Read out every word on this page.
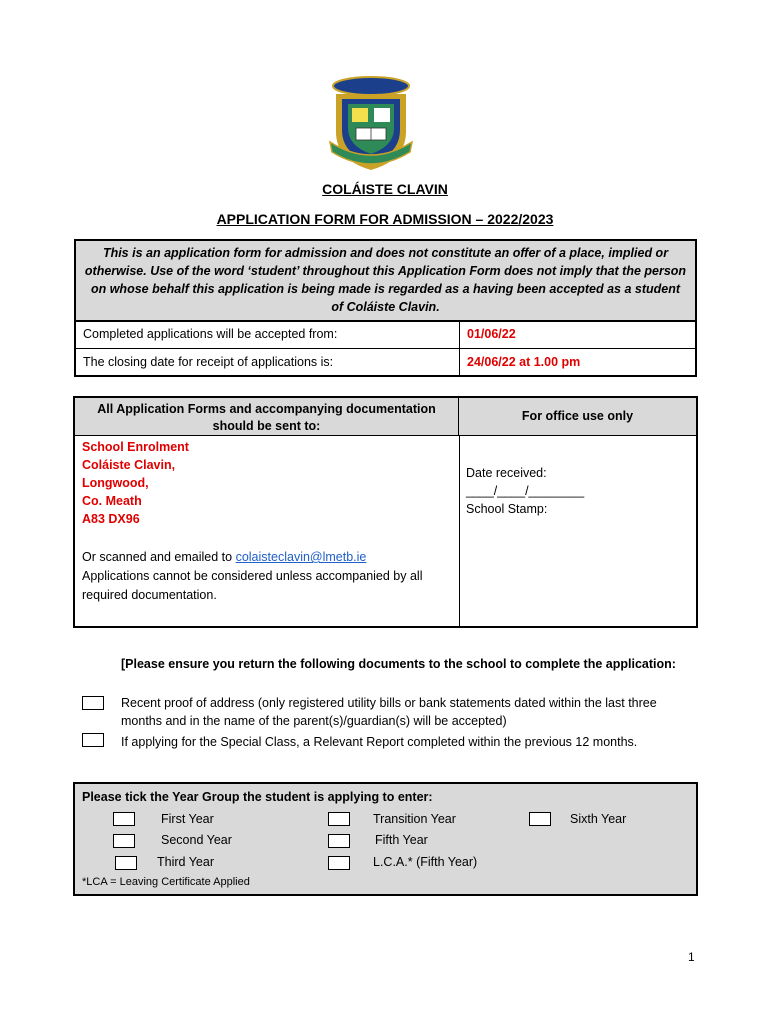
COLÁISTE CLAVIN
APPLICATION FORM FOR ADMISSION – 2022/2023
This is an application form for admission and does not constitute an offer of a place, implied or otherwise. Use of the word ‘student’ throughout this Application Form does not imply that the person on whose behalf this application is being made is regarded as a having been accepted as a student of Coláiste Clavin.
Completed applications will be accepted from:	01/06/22
The closing date for receipt of applications is:	24/06/22 at 1.00 pm
All Application Forms and accompanying documentation should be sent to:
For office use only
School Enrolment
Coláiste Clavin,
Longwood,
Co. Meath
A83 DX96
Or scanned and emailed to colaisteclavin@lmetb.ie
Applications cannot be considered unless accompanied by all required documentation.
Date received:
____/____/________
School Stamp:
[Please ensure you return the following documents to the school to complete the application:
Recent proof of address (only registered utility bills or bank statements dated within the last three months and in the name of the parent(s)/guardian(s) will be accepted)
If applying for the Special Class, a Relevant Report completed within the previous 12 months.
Please tick the Year Group the student is applying to enter:
First Year
Second Year
Third Year
Transition Year
Fifth Year
L.C.A.* (Fifth Year)
Sixth Year
*LCA = Leaving Certificate Applied
1
